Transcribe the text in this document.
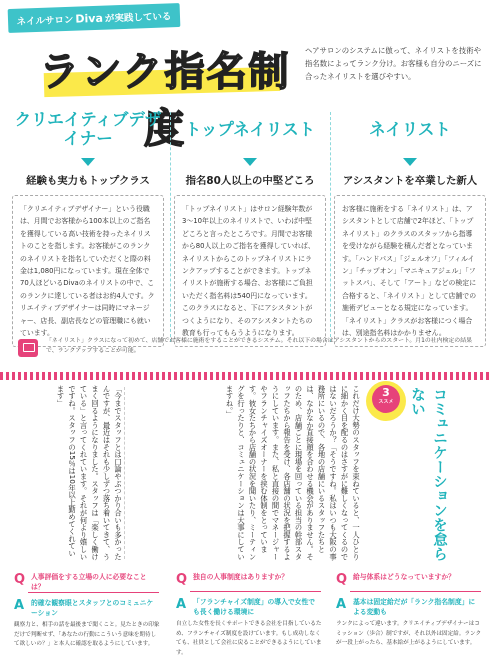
ネイルサロン Diva が実践している
ランク指名制度
ヘアサロンのシステムに倣って、ネイリストを技術や指名数によってランク分け。お客様も自分のニーズに合ったネイリストを選びやすい。
クリエイティブデザイナー
経験も実力もトップクラス
「クリエイティブデザイナー」という役職は、月間でお客様から100本以上のご指名を獲得している高い技術を持ったネイリストのことを指します。お客様がこのランクのネイリストを指名していただくと際の料金は1,080円になっています。現在全体で70人ほどいるDivaのネイリストの中で、このランクに達している者はお約4人です。クリエイティブデザイナーは同時にマネージャー、店長、副店長などの管理職にも就いています。
トップネイリスト
指名80人以上の中堅どころ
「トップネイリスト」はサロン経験年数が3〜10年以上のネイリストで、いわば中堅どころと言ったところです。月間でお客様から80人以上のご指名を獲得していれば、ネイリストからこのトップネイリストにランクアップすることができます。トップネイリストが施術する場合、お客様にご負担いただく指名料は540円になっています。このクラスになると、下にアシスタントがつくようになり、そのアシスタントたちの教育も行ってもらうようになります。
ネイリスト
アシスタントを卒業した新人
お客様に施術をする「ネイリスト」は、アシスタントとして店舗で2年ほど、「トップネイリスト」のクラスのスタッフから指導を受けながら経験を積んだ者となっています。「ハンドパス」「ジェルオフ」「フィルイン」「チップオン」「マニキュアジェル」「フットスパ」、そして「アート」などの検定に合格すると、「ネイリスト」として店舗での施術デビューとなる規定になっています。「ネイリスト」クラスがお客様につく場合は、別途指名料はかかりません。
「ネイリスト」クラスになって初めて、店舗でお客様に施術をすることができるシステム。それ以下の場合はアシスタントからのスタート。月1の社内検定の結果で、ランクアップすることが可能。
これだけ大勢のスタッフを束ねていると、一人ひとりに細かく目を配るのはさすがに難しくなってくるのではないだろうか？「そうですね。私はいつも大阪の事務所にいるので、各地の店舗にいるスタッフたちとは、なかなか直接顔を合わせる機会がありません。そのため、店舗ごとに現場を回っている担当の幹部スタッフたちから報告を受け、各店舗の状況を把握するようにしています。また、私と直接の間でマネージャーやフランチャイズオーナーを挟む体制をとっています。彼女たちから店舗の状況を聞いたり、ミーティングを行ったりと、コミュニケーションは大事にしていますね。」
「今までスタッフとは口論やぶつかり合いも多かったんですが、最近はそれも少しずつ落ち着いてきて、うまく回るようになりました。スタッフは「楽しく働けている」と言ってくれています。それが何より嬉しいですね。スタッフの15％は10年以上勤めてくれています」	3
ススメ	コミュニケーションを怠らない
Q 人事評価をする立場の人に必要なことは？
A	的確な観察眼とスタッフとのコミュニケーション
観察力と、相手の話を最後まで聞くこと。見たときの印象だけで判断せず、「あなたの行動にこういう意味を期待して欲しいの？」と本人に確認を取るようにしています。
Q 独自の人事制度はありますか？
A	「フランチャイズ制度」の導入で女性でも長く働ける環境に
自立した女性を長くサポートできる会社を目指しているため、フランチャイズ制度を設けています。もし成功しなくても、社員として会社に戻ることができるようにしています。
Q 給与体系はどうなっていますか？
A	基本は固定給だが「ランク指名制度」による変動も
ランクによって違います。クリエイティブデザイナーはコミッション（歩合）制ですが、それ以外は固定給。ランクが一段上がったら、基本給が上がるようにしています。
